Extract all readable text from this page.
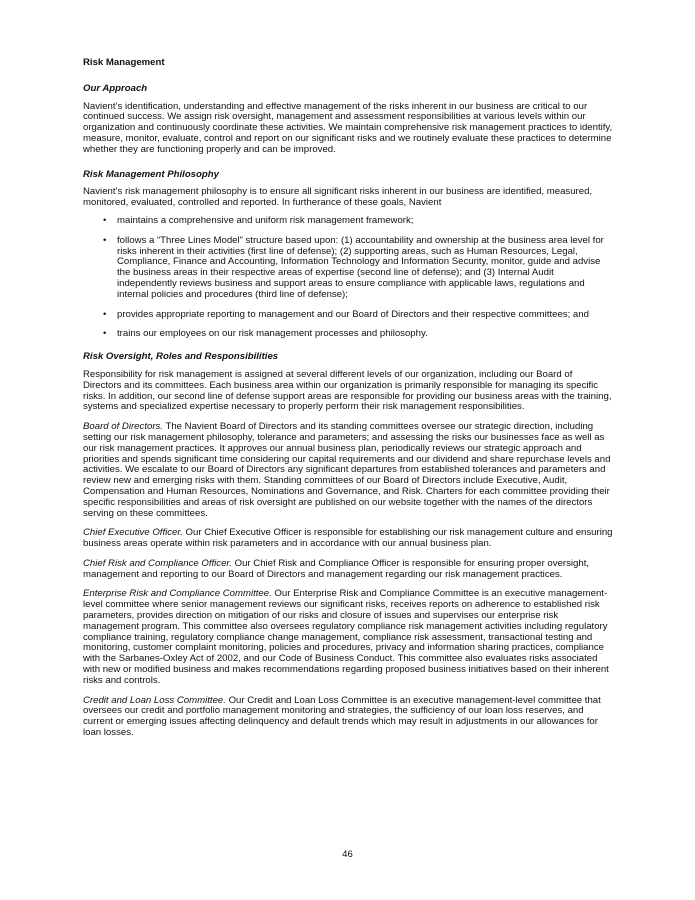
Risk Management
Our Approach

Navient’s identification, understanding and effective management of the risks inherent in our business are critical to our continued success. We assign risk oversight, management and assessment responsibilities at various levels within our organization and continuously coordinate these activities. We maintain comprehensive risk management practices to identify, measure, monitor, evaluate, control and report on our significant risks and we routinely evaluate these practices to determine whether they are functioning properly and can be improved.

Risk Management Philosophy

Navient’s risk management philosophy is to ensure all significant risks inherent in our business are identified, measured, monitored, evaluated, controlled and reported. In furtherance of these goals, Navient

• maintains a comprehensive and uniform risk management framework;
• follows a “Three Lines Model” structure based upon: (1) accountability and ownership at the business area level for risks inherent in their activities (first line of defense); (2) supporting areas, such as Human Resources, Legal, Compliance, Finance and Accounting, Information Technology and Information Security, monitor, guide and advise the business areas in their respective areas of expertise (second line of defense); and (3) Internal Audit independently reviews business and support areas to ensure compliance with applicable laws, regulations and internal policies and procedures (third line of defense);
• provides appropriate reporting to management and our Board of Directors and their respective committees; and
• trains our employees on our risk management processes and philosophy.
Risk Oversight, Roles and Responsibilities

Responsibility for risk management is assigned at several different levels of our organization, including our Board of Directors and its committees. Each business area within our organization is primarily responsible for managing its specific risks. In addition, our second line of defense support areas are responsible for providing our business areas with the training, systems and specialized expertise necessary to properly perform their risk management responsibilities.

Board of Directors. The Navient Board of Directors and its standing committees oversee our strategic direction, including setting our risk management philosophy, tolerance and parameters; and assessing the risks our businesses face as well as our risk management practices. It approves our annual business plan, periodically reviews our strategic approach and priorities and spends significant time considering our capital requirements and our dividend and share repurchase levels and activities. We escalate to our Board of Directors any significant departures from established tolerances and parameters and review new and emerging risks with them. Standing committees of our Board of Directors include Executive, Audit, Compensation and Human Resources, Nominations and Governance, and Risk. Charters for each committee providing their specific responsibilities and areas of risk oversight are published on our website together with the names of the directors serving on these committees.

Chief Executive Officer. Our Chief Executive Officer is responsible for establishing our risk management culture and ensuring business areas operate within risk parameters and in accordance with our annual business plan.

Chief Risk and Compliance Officer. Our Chief Risk and Compliance Officer is responsible for ensuring proper oversight, management and reporting to our Board of Directors and management regarding our risk management practices.

Enterprise Risk and Compliance Committee. Our Enterprise Risk and Compliance Committee is an executive management-level committee where senior management reviews our significant risks, receives reports on adherence to established risk parameters, provides direction on mitigation of our risks and closure of issues and supervises our enterprise risk management program. This committee also oversees regulatory compliance risk management activities including regulatory compliance training, regulatory compliance change management, compliance risk assessment, transactional testing and monitoring, customer complaint monitoring, policies and procedures, privacy and information sharing practices, compliance with the Sarbanes-Oxley Act of 2002, and our Code of Business Conduct. This committee also evaluates risks associated with new or modified business and makes recommendations regarding proposed business initiatives based on their inherent risks and controls.

Credit and Loan Loss Committee. Our Credit and Loan Loss Committee is an executive management-level committee that oversees our credit and portfolio management monitoring and strategies, the sufficiency of our loan loss reserves, and current or emerging issues affecting delinquency and default trends which may result in adjustments in our allowances for loan losses.

46
